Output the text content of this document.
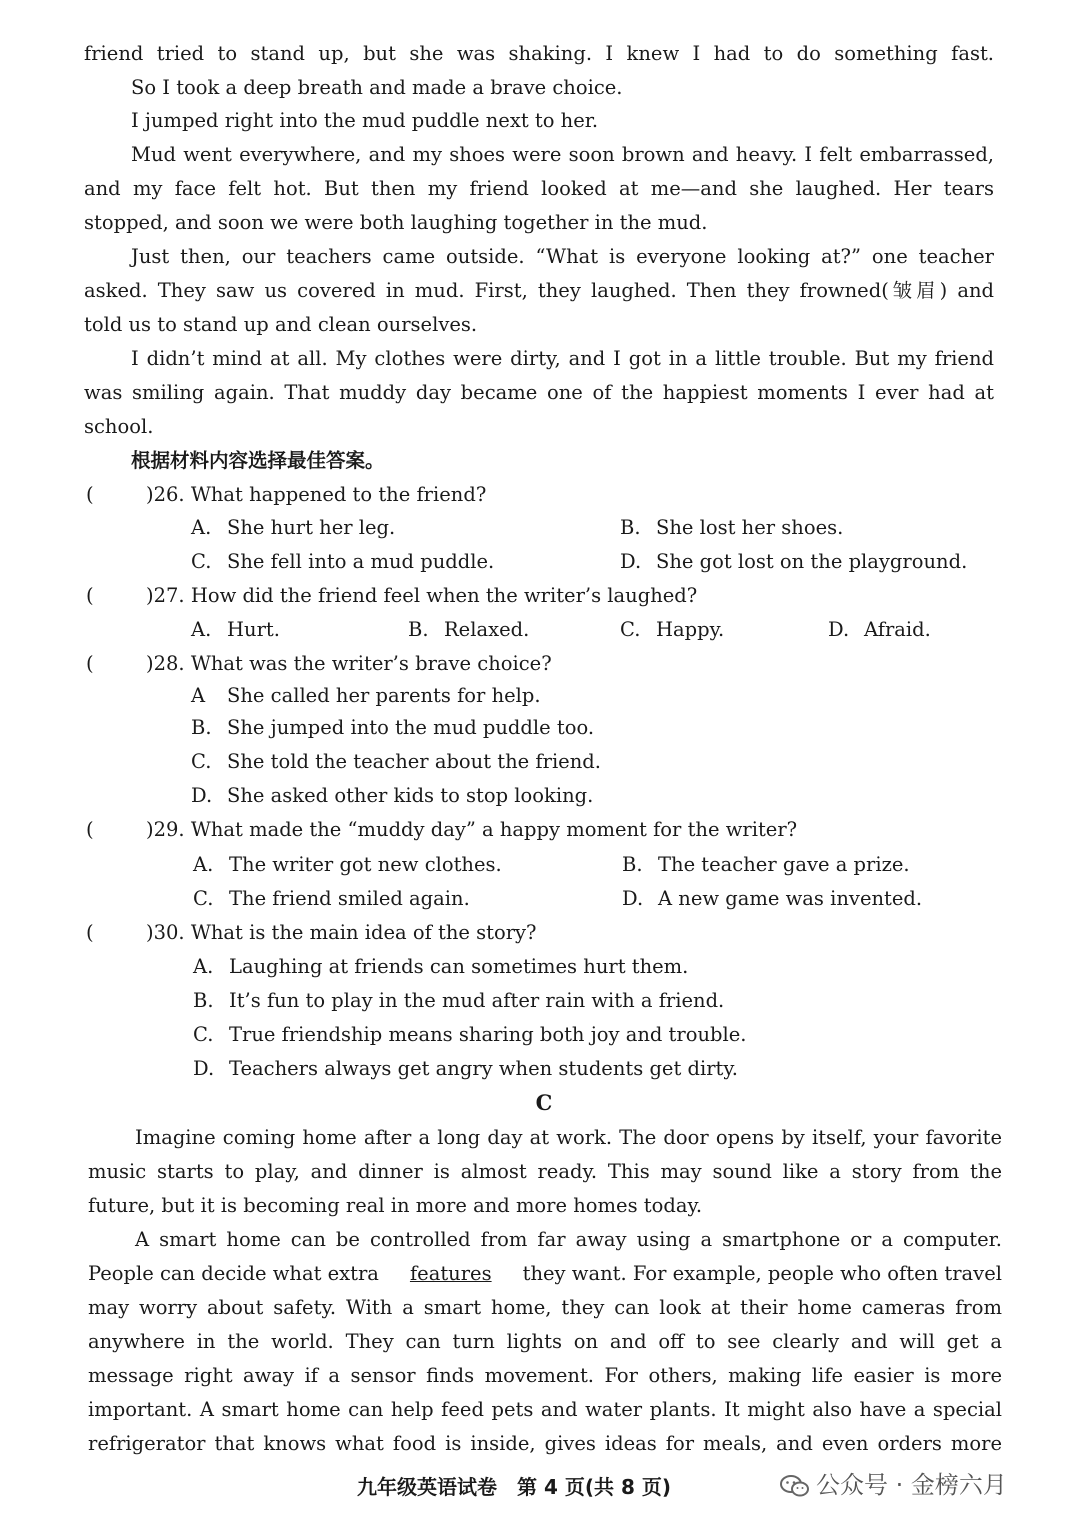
friend tried to stand up, but she was shaking. I knew I had to do something fast.
So I took a deep breath and made a brave choice.
I jumped right into the mud puddle next to her.
Mud went everywhere, and my shoes were soon brown and heavy. I felt embarrassed,
and my face felt hot. But then my friend looked at me—and she laughed. Her tears
stopped, and soon we were both laughing together in the mud.
Just then, our teachers came outside. “What is everyone looking at?” one teacher
asked. They saw us covered in mud. First, they laughed. Then they frowned(皱眉) and
told us to stand up and clean ourselves.
I didn’t mind at all. My clothes were dirty, and I got in a little trouble. But my friend
was smiling again. That muddy day became one of the happiest moments I ever had at
school.
根据材料内容选择最佳答案。
(	)26. What happened to the friend?
A. She hurt her leg.	B. She lost her shoes.
C. She fell into a mud puddle.	D. She got lost on the playground.
(	)27. How did the friend feel when the writer’s laughed?
A. Hurt.	B. Relaxed.	C. Happy.	D. Afraid.
(	)28. What was the writer’s brave choice?
A She called her parents for help.
B. She jumped into the mud puddle too.
C. She told the teacher about the friend.
D. She asked other kids to stop looking.
(	)29. What made the “muddy day” a happy moment for the writer?
A. The writer got new clothes.	B. The teacher gave a prize.
C. The friend smiled again.	D. A new game was invented.
(	)30. What is the main idea of the story?
A. Laughing at friends can sometimes hurt them.
B. It’s fun to play in the mud after rain with a friend.
C. True friendship means sharing both joy and trouble.
D. Teachers always get angry when students get dirty.
C
Imagine coming home after a long day at work. The door opens by itself, your favorite
music starts to play, and dinner is almost ready. This may sound like a story from the
future, but it is becoming real in more and more homes today.
A smart home can be controlled from far away using a smartphone or a computer.
People can decide what extra features they want. For example, people who often travel
may worry about safety. With a smart home, they can look at their home cameras from
anywhere in the world. They can turn lights on and off to see clearly and will get a
message right away if a sensor finds movement. For others, making life easier is more
important. A smart home can help feed pets and water plants. It might also have a special
refrigerator that knows what food is inside, gives ideas for meals, and even orders more
九年级英语试卷　第 4 页(共 8 页)	公众号 · 金榜六月
